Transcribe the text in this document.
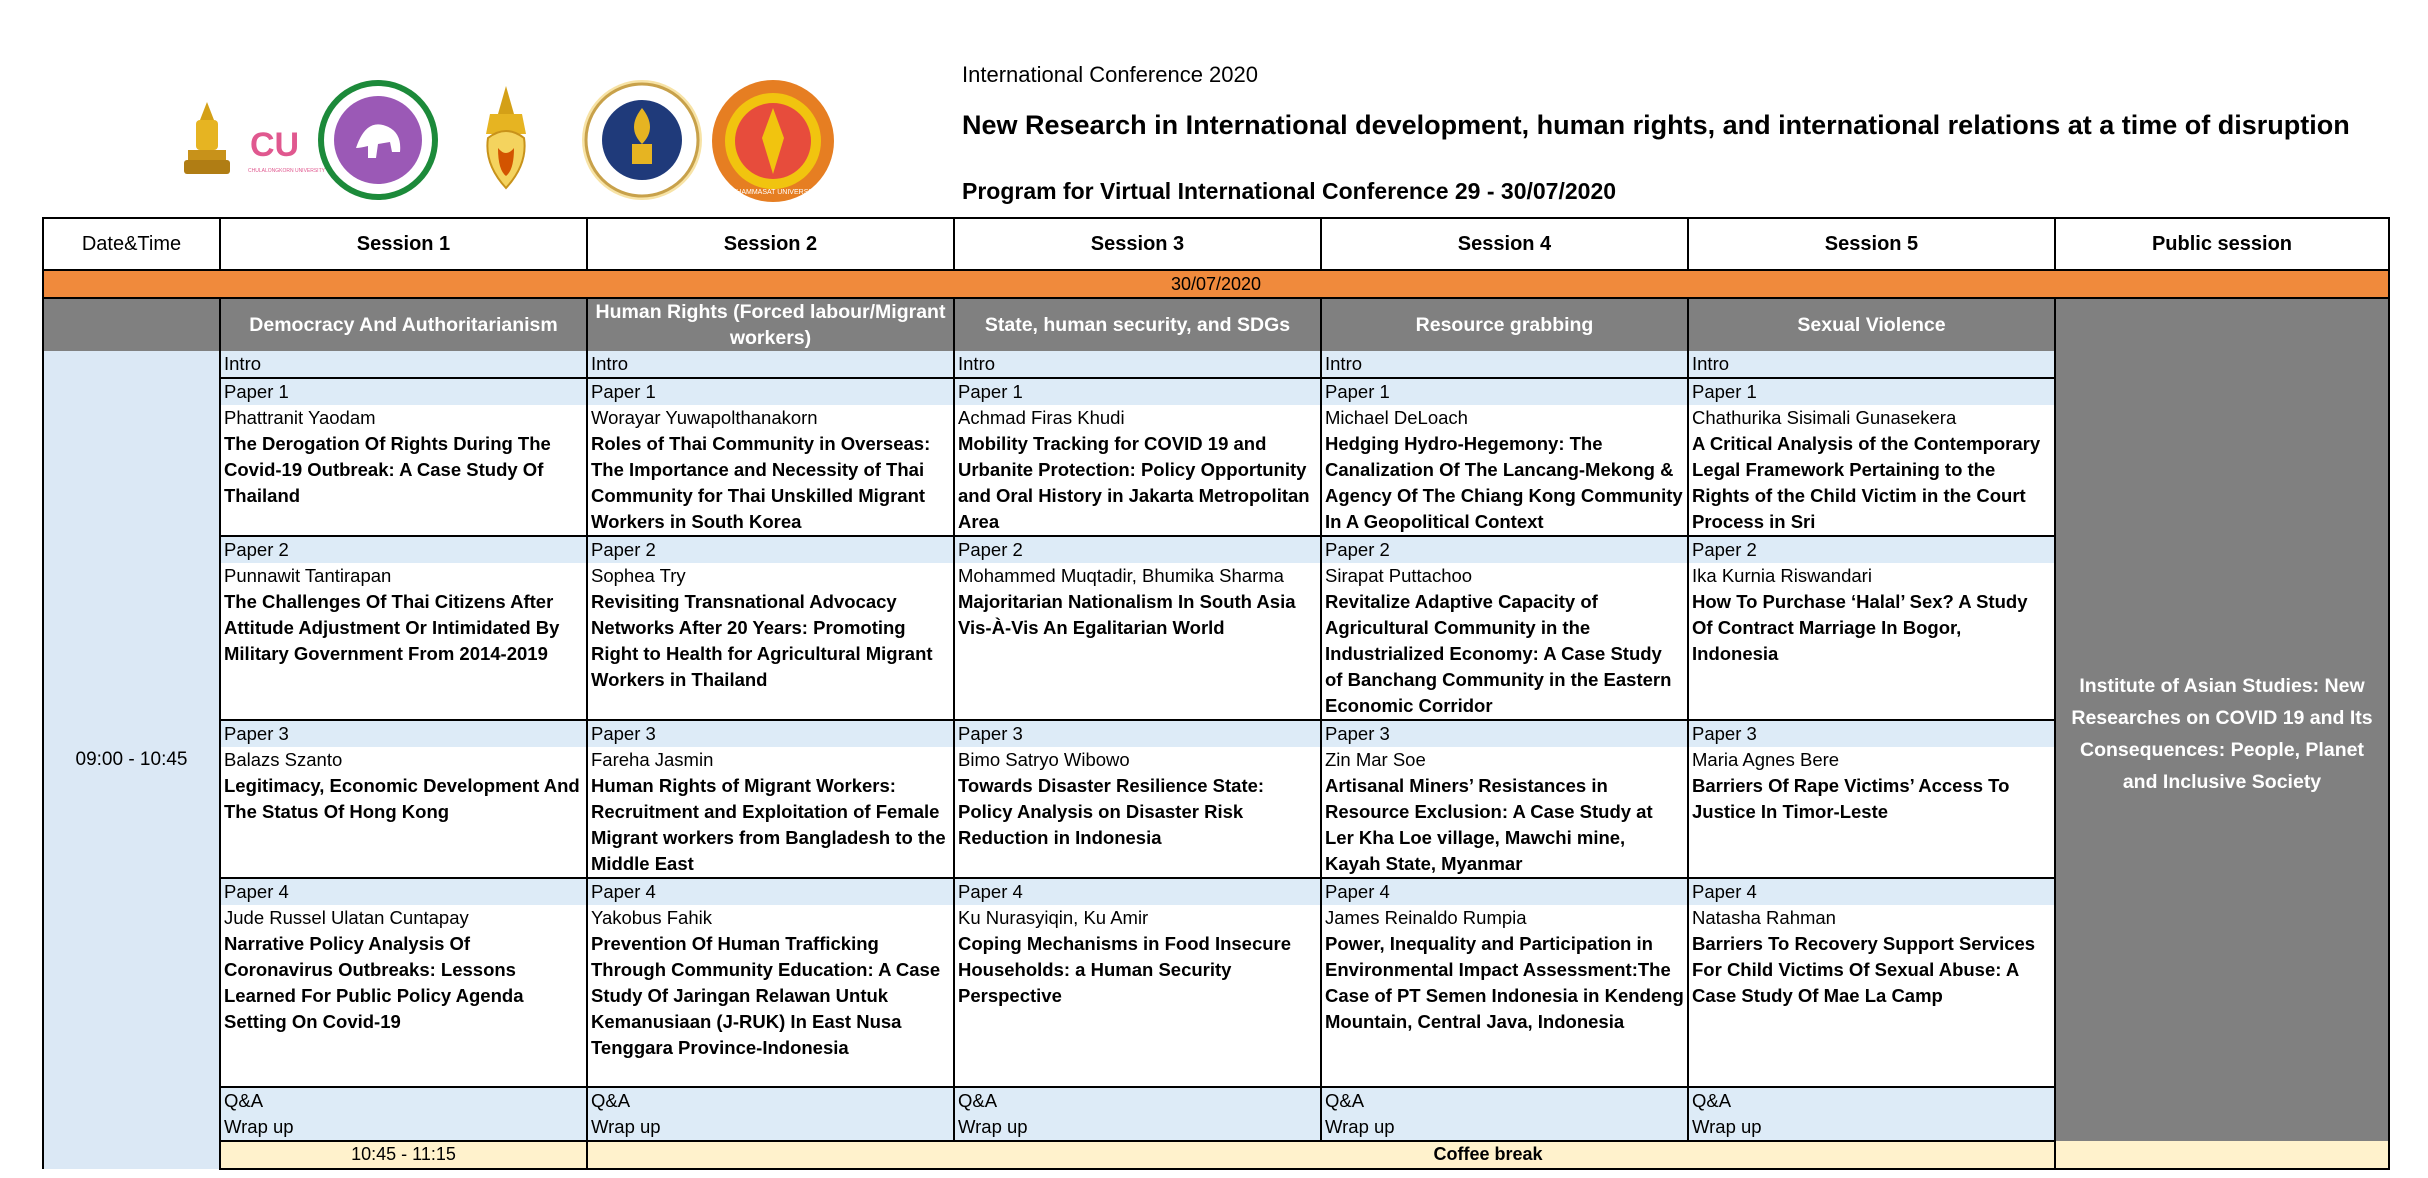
CU
CHULALONGKORN UNIVERSITY
THAMMASAT UNIVERSITY
International Conference 2020
New Research in International development, human rights, and international relations at a time of disruption
Program for Virtual International Conference 29 - 30/07/2020
Date&Time	Session 1	Session 2	Session 3	Session 4	Session 5	Public session
30/07/2020						
	Democracy And Authoritarianism	Human Rights (Forced labour/Migrant workers)	State, human security, and SDGs	Resource grabbing	Sexual Violence	Institute of Asian Studies: New Researches on COVID 19 and Its Consequences: People, Planet and Inclusive Society
09:00 - 10:45	Intro	Intro	Intro	Intro	Intro	
	Paper 1	Paper 1	Paper 1	Paper 1	Paper 1	
	Phattranit Yaodam	Worayar Yuwapolthanakorn	Achmad Firas Khudi	Michael DeLoach	Chathurika Sisimali Gunasekera	
	The Derogation Of Rights During The Covid-19 Outbreak: A Case Study Of Thailand	Roles of Thai Community in Overseas: The Importance and Necessity of Thai Community for Thai Unskilled Migrant Workers in South Korea	Mobility Tracking for COVID 19 and Urbanite Protection: Policy Opportunity and Oral History in Jakarta Metropolitan Area	Hedging Hydro-Hegemony: The Canalization Of The Lancang-Mekong & Agency Of The Chiang Kong Community In A Geopolitical Context	A Critical Analysis of the Contemporary Legal Framework Pertaining to the Rights of the Child Victim in the Court Process in Sri	
	Paper 2	Paper 2	Paper 2	Paper 2	Paper 2	
	Punnawit Tantirapan	Sophea Try	Mohammed Muqtadir, Bhumika Sharma	Sirapat Puttachoo	Ika Kurnia Riswandari	
	The Challenges Of Thai Citizens After Attitude Adjustment Or Intimidated By Military Government From 2014-2019	Revisiting Transnational Advocacy Networks After 20 Years: Promoting Right to Health for Agricultural Migrant Workers in Thailand	Majoritarian Nationalism In South Asia Vis-À-Vis An Egalitarian World	Revitalize Adaptive Capacity of Agricultural Community in the Industrialized Economy: A Case Study of Banchang Community in the Eastern Economic Corridor	How To Purchase ‘Halal’ Sex? A Study Of Contract Marriage In Bogor, Indonesia	
	Paper 3	Paper 3	Paper 3	Paper 3	Paper 3	
	Balazs Szanto	Fareha Jasmin	Bimo Satryo Wibowo	Zin Mar Soe	Maria Agnes Bere	
	Legitimacy, Economic Development And The Status Of Hong Kong	Human Rights of Migrant Workers: Recruitment and Exploitation of Female Migrant workers from Bangladesh to the Middle East	Towards Disaster Resilience State: Policy Analysis on Disaster Risk Reduction in Indonesia	Artisanal Miners’ Resistances in Resource Exclusion: A Case Study at Ler Kha Loe village, Mawchi mine, Kayah State, Myanmar	Barriers Of Rape Victims’ Access To Justice In Timor-Leste	
	Paper 4	Paper 4	Paper 4	Paper 4	Paper 4	
	Jude Russel Ulatan Cuntapay	Yakobus Fahik	Ku Nurasyiqin, Ku Amir	James Reinaldo Rumpia	Natasha Rahman	
	Narrative Policy Analysis Of Coronavirus Outbreaks: Lessons Learned For Public Policy Agenda Setting On Covid-19	Prevention Of Human Trafficking Through Community Education: A Case Study Of Jaringan Relawan Untuk Kemanusiaan (J-RUK) In East Nusa Tenggara Province-Indonesia	Coping Mechanisms in Food Insecure Households: a Human Security Perspective	Power, Inequality and Participation in Environmental Impact Assessment:The Case of PT Semen Indonesia in Kendeng Mountain, Central Java, Indonesia	Barriers To Recovery Support Services For Child Victims Of Sexual Abuse: A Case Study Of Mae La Camp	
	Q&A	Q&A	Q&A	Q&A	Q&A	
	Wrap up	Wrap up	Wrap up	Wrap up	Wrap up	
	10:45 - 11:15	Coffee break				
